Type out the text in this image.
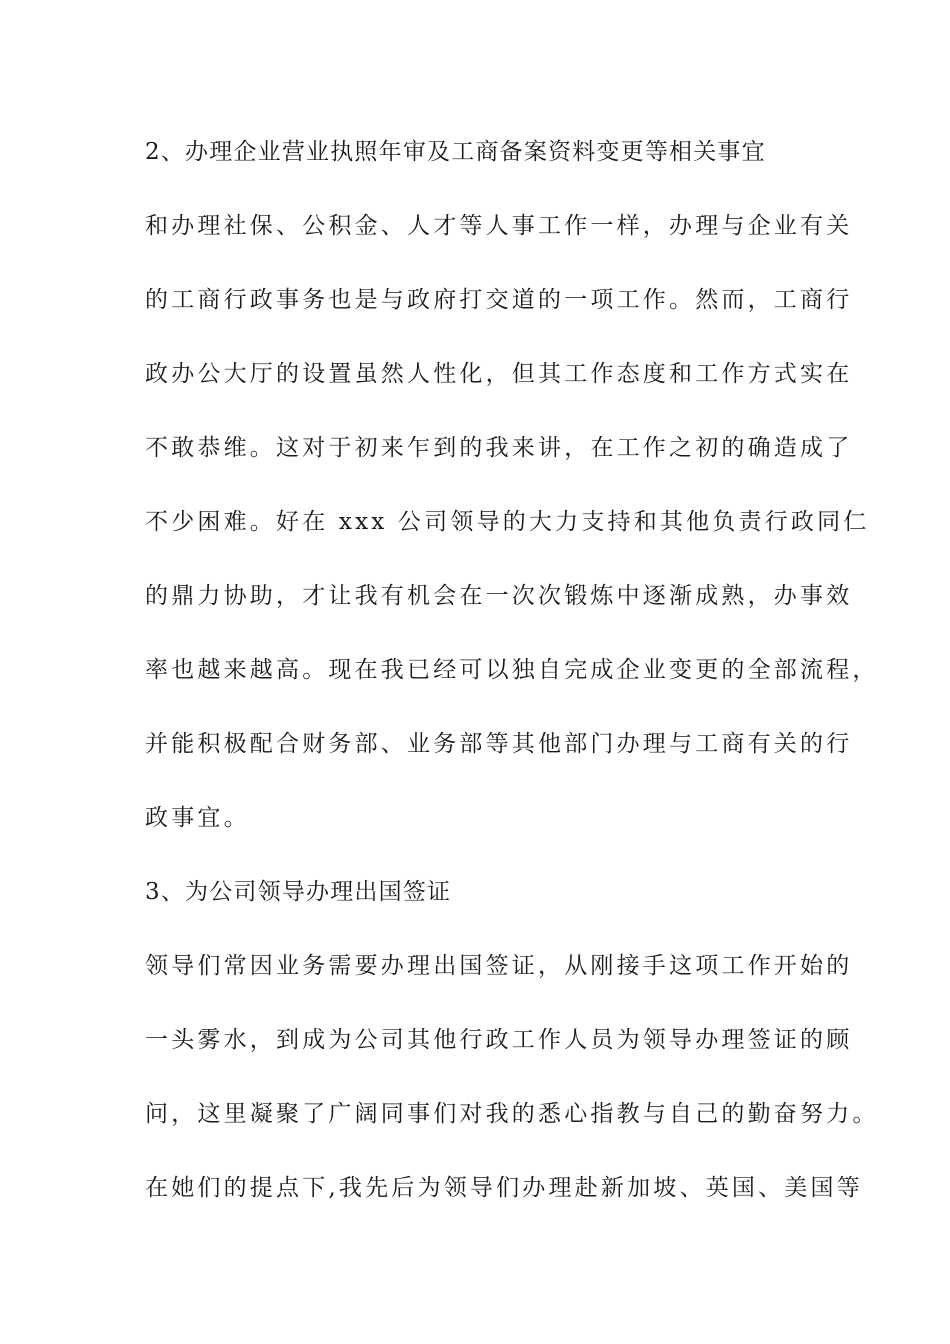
2、办理企业营业执照年审及工商备案资料变更等相关事宜
和办理社保、公积金、人才等人事工作一样，办理与企业有关
的工商行政事务也是与政府打交道的一项工作。然而，工商行
政办公大厅的设置虽然人性化，但其工作态度和工作方式实在
不敢恭维。这对于初来乍到的我来讲，在工作之初的确造成了
不少困难。好在 xxx 公司领导的大力支持和其他负责行政同仁
的鼎力协助，才让我有机会在一次次锻炼中逐渐成熟，办事效
率也越来越高。现在我已经可以独自完成企业变更的全部流程，
并能积极配合财务部、业务部等其他部门办理与工商有关的行
政事宜。
3、为公司领导办理出国签证
领导们常因业务需要办理出国签证，从刚接手这项工作开始的
一头雾水，到成为公司其他行政工作人员为领导办理签证的顾
问，这里凝聚了广阔同事们对我的悉心指教与自己的勤奋努力。
在她们的提点下,我先后为领导们办理赴新加坡、英国、美国等
